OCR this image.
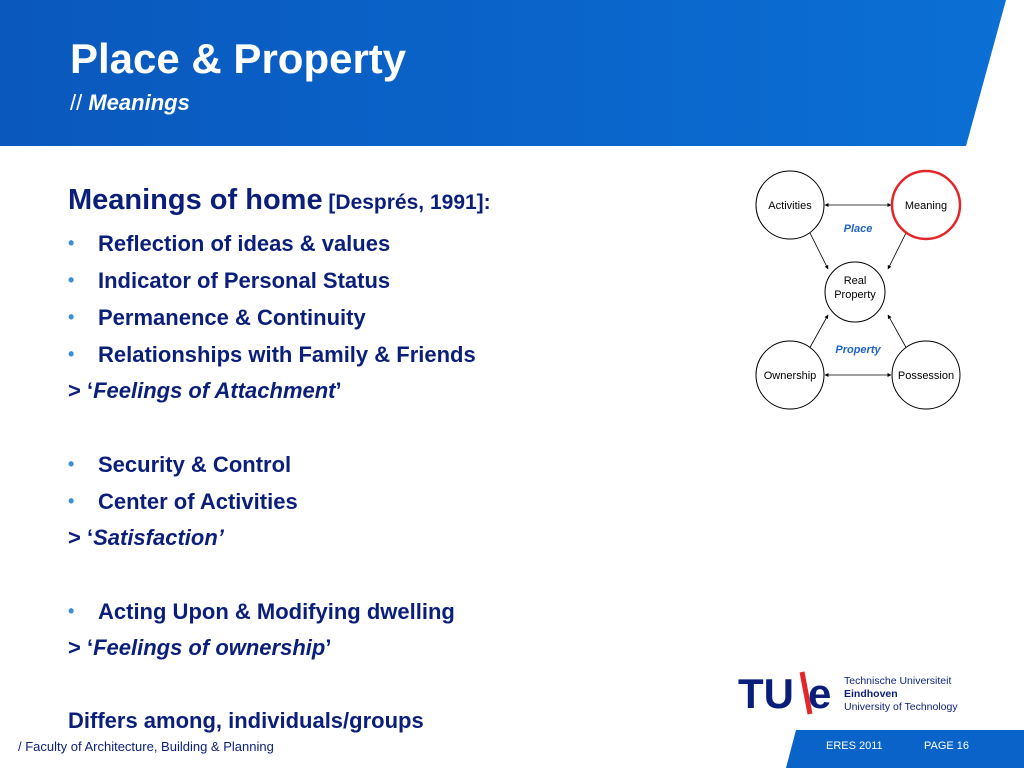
Place & Property
// Meanings
Meanings of home [Després, 1991]:
• Reflection of ideas & values
• Indicator of Personal Status
• Permanence & Continuity
• Relationships with Family & Friends
> ‘Feelings of Attachment’
• Security & Control
• Center of Activities
> ‘Satisfaction’
• Acting Upon & Modifying dwelling
> ‘Feelings of ownership’
Differs among, individuals/groups
Activities	Meaning
Real
Property
Ownership	Possession
Place
Property
TU e Technische Universiteit
Eindhoven
University of Technology
/ Faculty of Architecture, Building & Planning	ERES 2011	PAGE 16
